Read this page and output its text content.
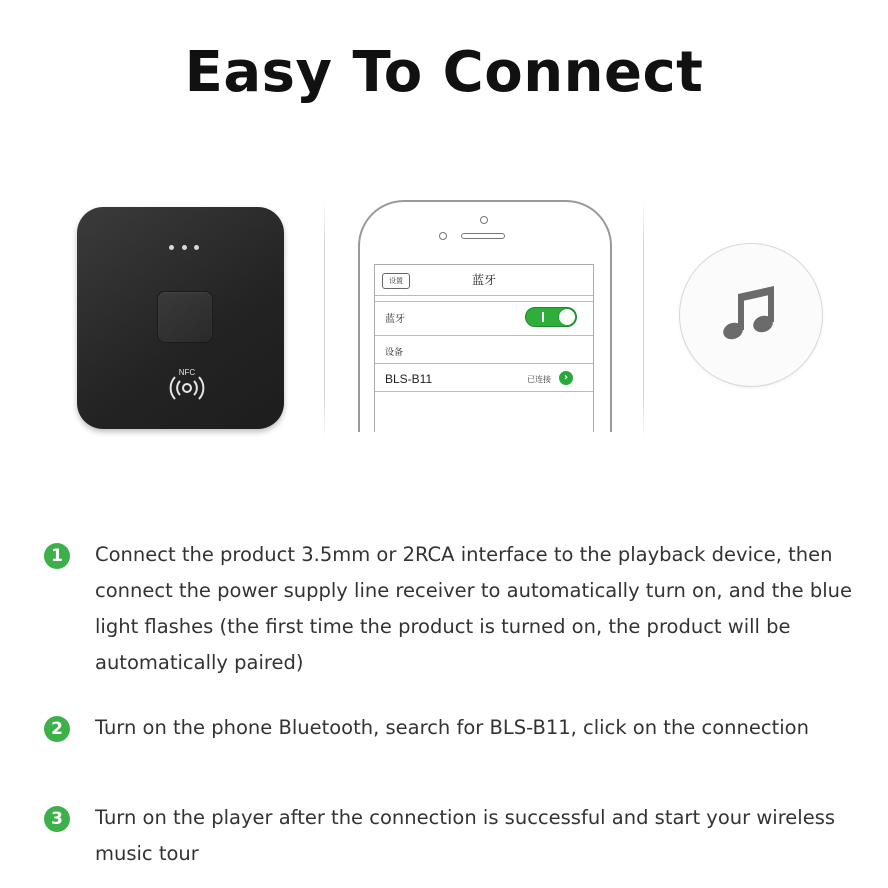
Easy To Connect
NFC
设置	蓝牙
蓝牙
设备
BLS-B11	已连接	›
1	Connect the product 3.5mm or 2RCA interface to the playback device, then connect the power supply line receiver to automatically turn on, and the blue light flashes (the first time the product is turned on, the product will be automatically paired)
2	Turn on the phone Bluetooth, search for BLS-B11, click on the connection
3	Turn on the player after the connection is successful and start your wireless music tour
